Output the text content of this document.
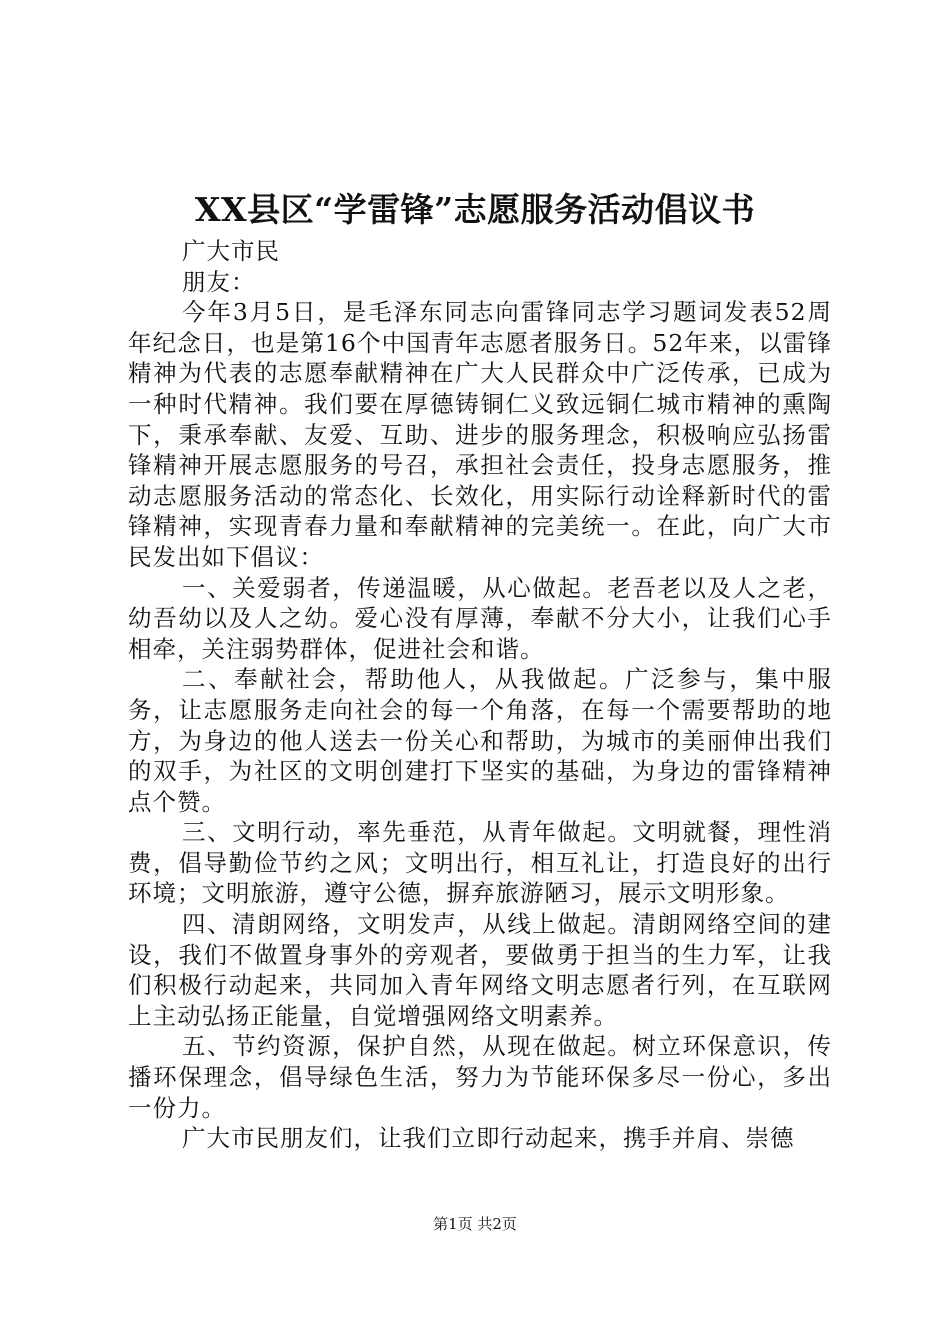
XX县区“学雷锋”志愿服务活动倡议书

广大市民

朋友：

今年3月5日，是毛泽东同志向雷锋同志学习题词发表52周年纪念日，也是第16个中国青年志愿者服务日。52年来，以雷锋精神为代表的志愿奉献精神在广大人民群众中广泛传承，已成为一种时代精神。我们要在厚德铸铜仁义致远铜仁城市精神的熏陶下，秉承奉献、友爱、互助、进步的服务理念，积极响应弘扬雷锋精神开展志愿服务的号召，承担社会责任，投身志愿服务，推动志愿服务活动的常态化、长效化，用实际行动诠释新时代的雷锋精神，实现青春力量和奉献精神的完美统一。在此，向广大市民发出如下倡议：

一、关爱弱者，传递温暖，从心做起。老吾老以及人之老，幼吾幼以及人之幼。爱心没有厚薄，奉献不分大小，让我们心手相牵，关注弱势群体，促进社会和谐。

二、奉献社会，帮助他人，从我做起。广泛参与，集中服务，让志愿服务走向社会的每一个角落，在每一个需要帮助的地方，为身边的他人送去一份关心和帮助，为城市的美丽伸出我们的双手，为社区的文明创建打下坚实的基础，为身边的雷锋精神点个赞。

三、文明行动，率先垂范，从青年做起。文明就餐，理性消费，倡导勤俭节约之风；文明出行，相互礼让，打造良好的出行环境；文明旅游，遵守公德，摒弃旅游陋习，展示文明形象。

四、清朗网络，文明发声，从线上做起。清朗网络空间的建设，我们不做置身事外的旁观者，要做勇于担当的生力军，让我们积极行动起来，共同加入青年网络文明志愿者行列，在互联网上主动弘扬正能量，自觉增强网络文明素养。

五、节约资源，保护自然，从现在做起。树立环保意识，传播环保理念，倡导绿色生活，努力为节能环保多尽一份心，多出一份力。

广大市民朋友们，让我们立即行动起来，携手并肩、崇德

第1页 共2页
